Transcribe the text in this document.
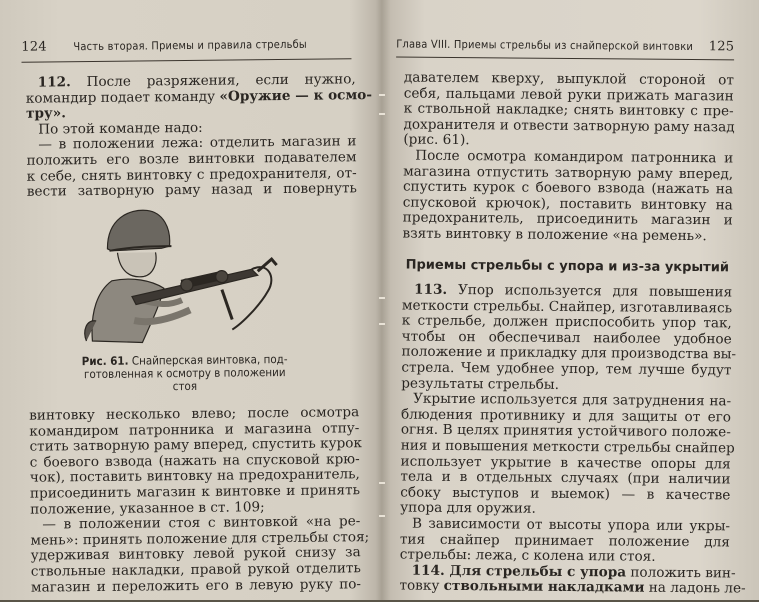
124 Часть вторая. Приемы и правила стрельбы
112. После разряжения, если нужно,
командир подает команду «Оружие — к осмо-
тру».
По этой команде надо:
— в положении лежа: отделить магазин и
положить его возле винтовки подавателем
к себе, снять винтовку с предохранителя, от-
вести затворную раму назад и повернуть
Рис. 61. Снайперская винтовка, под-
готовленная к осмотру в положении
стоя
винтовку несколько влево; после осмотра
командиром патронника и магазина отпу-
стить затворную раму вперед, спустить курок
с боевого взвода (нажать на спусковой крю-
чок), поставить винтовку на предохранитель,
присоединить магазин к винтовке и принять
положение, указанное в ст. 109;
— в положении стоя с винтовкой «на ре-
мень»: принять положение для стрельбы стоя;
удерживая винтовку левой рукой снизу за
ствольные накладки, правой рукой отделить
магазин и переложить его в левую руку по-
Глава VIII. Приемы стрельбы из снайперской винтовки 125
давателем кверху, выпуклой стороной от
себя, пальцами левой руки прижать магазин
к ствольной накладке; снять винтовку с пре-
дохранителя и отвести затворную раму назад
(рис. 61).
После осмотра командиром патронника и
магазина отпустить затворную раму вперед,
спустить курок с боевого взвода (нажать на
спусковой крючок), поставить винтовку на
предохранитель, присоединить магазин и
взять винтовку в положение «на ремень».
Приемы стрельбы с упора и из-за укрытий
113. Упор используется для повышения
меткости стрельбы. Снайпер, изготавливаясь
к стрельбе, должен приспособить упор так,
чтобы он обеспечивал наиболее удобное
положение и прикладку для производства вы-
стрела. Чем удобнее упор, тем лучше будут
результаты стрельбы.
Укрытие используется для затруднения на-
блюдения противнику и для защиты от его
огня. В целях принятия устойчивого положе-
ния и повышения меткости стрельбы снайпер
использует укрытие в качестве опоры для
тела и в отдельных случаях (при наличии
сбоку выступов и выемок) — в качестве
упора для оружия.
В зависимости от высоты упора или укры-
тия снайпер принимает положение для
стрельбы: лежа, с колена или стоя.
114. Для стрельбы с упора положить вин-
товку ствольными накладками на ладонь ле-
